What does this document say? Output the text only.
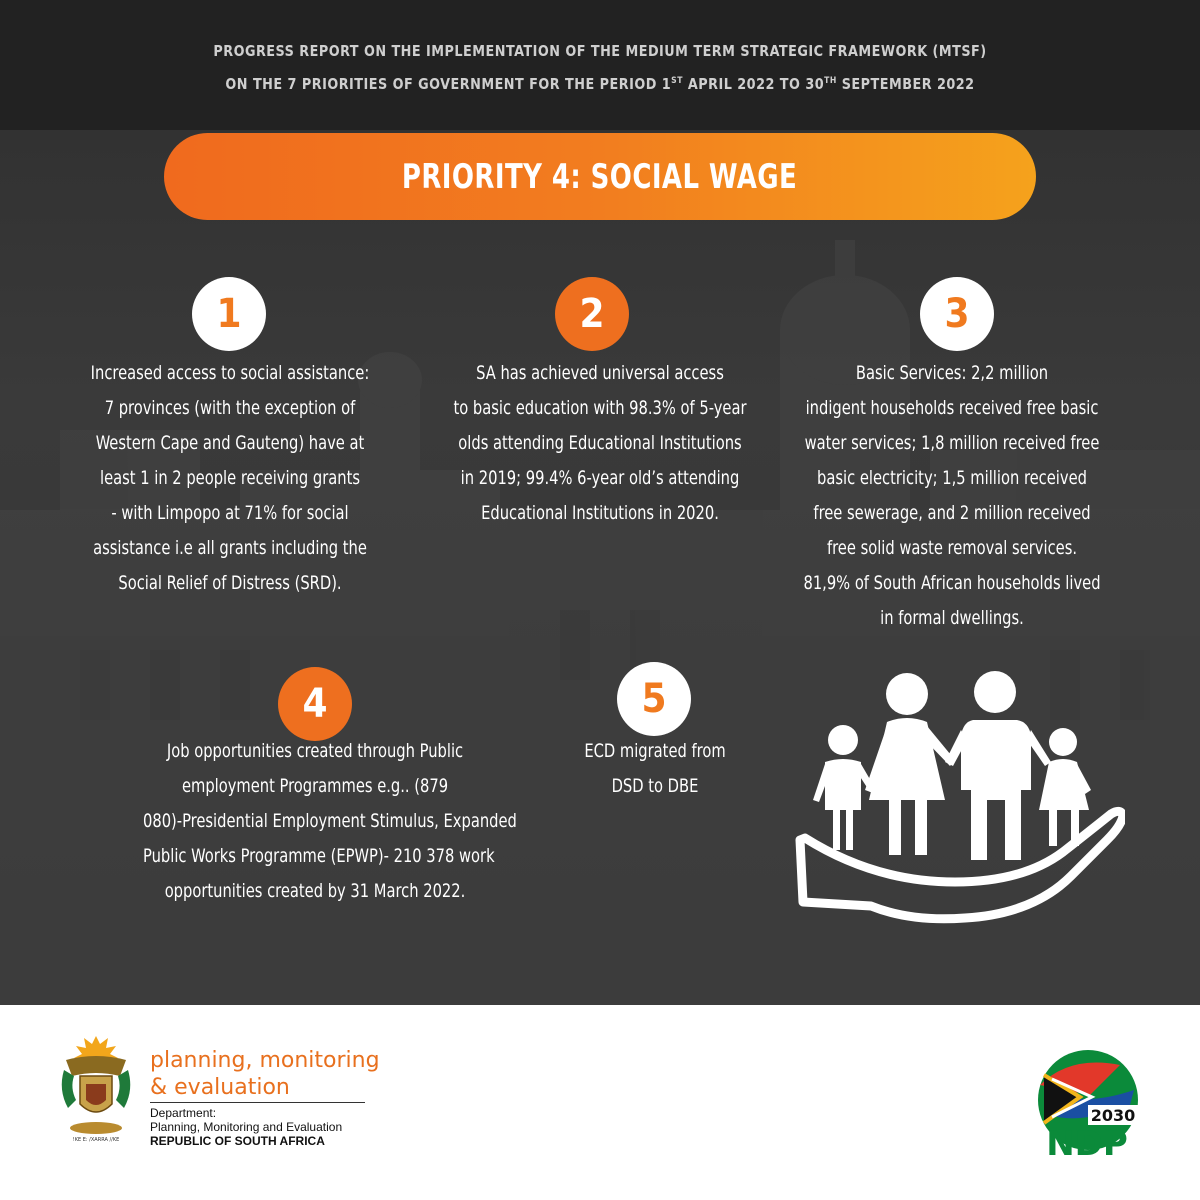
PROGRESS REPORT ON THE IMPLEMENTATION OF THE MEDIUM TERM STRATEGIC FRAMEWORK (MTSF)
ON THE 7 PRIORITIES OF GOVERNMENT FOR THE PERIOD 1ST APRIL 2022 TO 30TH SEPTEMBER 2022
PRIORITY 4: SOCIAL WAGE
1
Increased access to social assistance:
7 provinces (with the exception of
Western Cape and Gauteng) have at
least 1 in 2 people receiving grants
- with Limpopo at 71% for social
assistance i.e all grants including the
Social Relief of Distress (SRD).
2
SA has achieved universal access
to basic education with 98.3% of 5-year
olds attending Educational Institutions
in 2019; 99.4% 6-year old’s attending
Educational Institutions in 2020.
3
Basic Services: 2,2 million
indigent households received free basic
water services; 1,8 million received free
basic electricity; 1,5 million received
free sewerage, and 2 million received
free solid waste removal services.
81,9% of South African households lived
in formal dwellings.
4
Job opportunities created through Public
employment Programmes e.g.. (879
080)-Presidential Employment Stimulus, Expanded
Public Works Programme (EPWP)- 210 378 work
opportunities created by 31 March 2022.
5
ECD migrated from
DSD to DBE
!KE E: /XARRA //KE
planning, monitoring
& evaluation
Department:
Planning, Monitoring and Evaluation
REPUBLIC OF SOUTH AFRICA
2030
NDP
